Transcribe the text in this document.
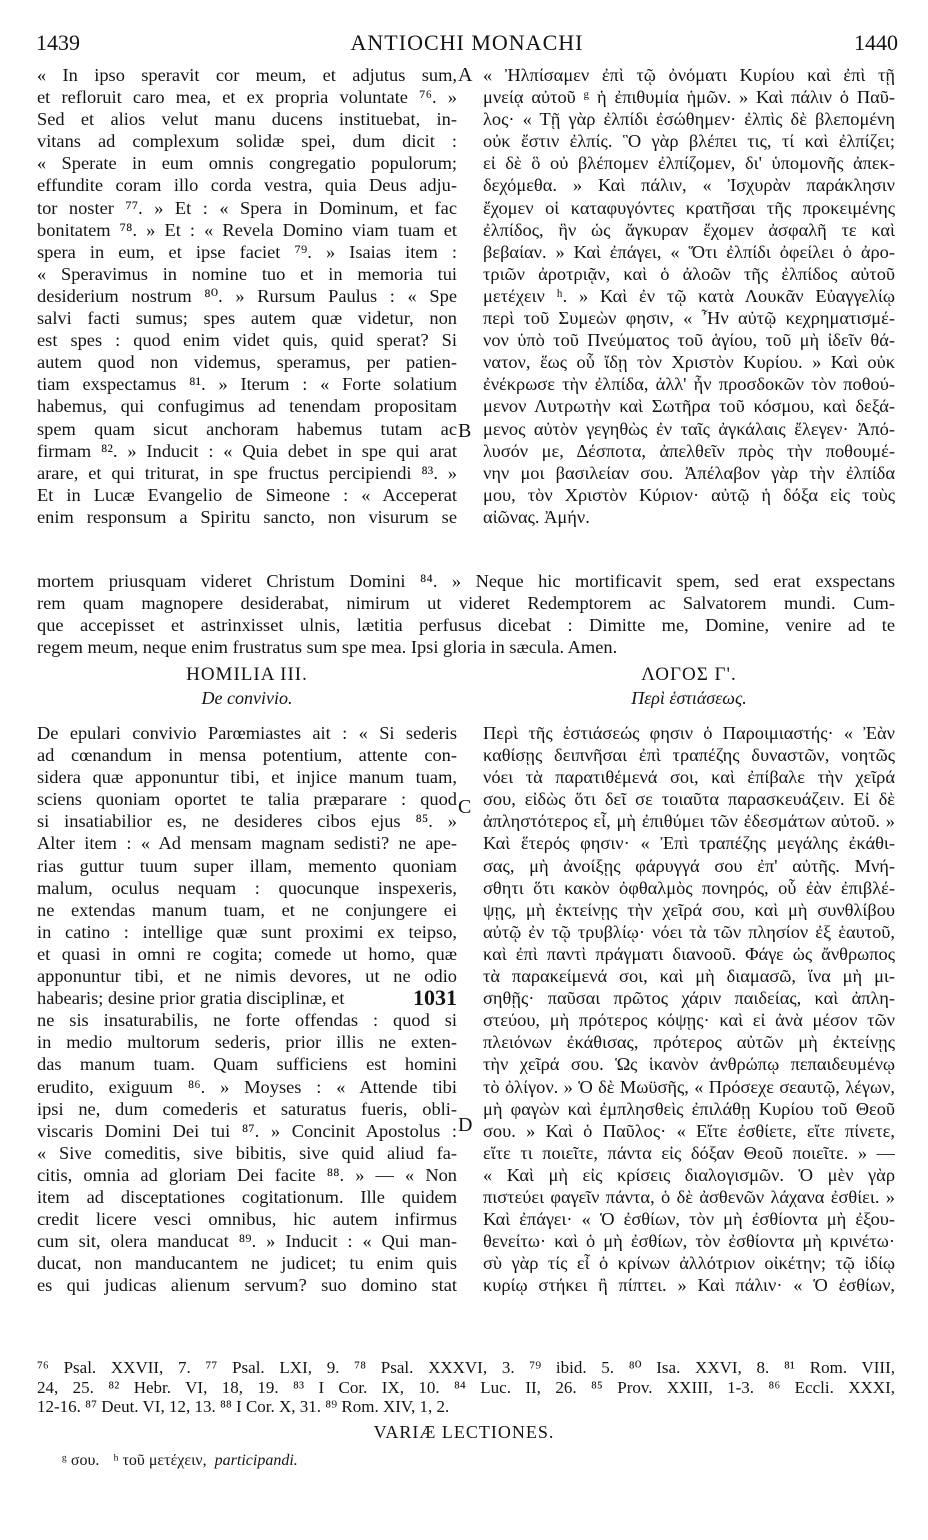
1439	ANTIOCHI MONACHI	1440
A
B
C
D
« In ipso speravit cor meum, et adjutus sum,
et refloruit caro mea, et ex propria voluntate ⁷⁶. »
Sed et alios velut manu ducens instituebat, in-
vitans ad complexum solidæ spei, dum dicit :
« Sperate in eum omnis congregatio populorum;
effundite coram illo corda vestra, quia Deus adju-
tor noster ⁷⁷. » Et : « Spera in Dominum, et fac
bonitatem ⁷⁸. » Et : « Revela Domino viam tuam et
spera in eum, et ipse faciet ⁷⁹. » Isaias item :
« Speravimus in nomine tuo et in memoria tui
desiderium nostrum ⁸⁰. » Rursum Paulus : « Spe
salvi facti sumus; spes autem quæ videtur, non
est spes : quod enim videt quis, quid sperat? Si
autem quod non videmus, speramus, per patien-
tiam exspectamus ⁸¹. » Iterum : « Forte solatium
habemus, qui confugimus ad tenendam propositam
spem quam sicut anchoram habemus tutam ac
firmam ⁸². » Inducit : « Quia debet in spe qui arat
arare, et qui triturat, in spe fructus percipiendi ⁸³. »
Et in Lucæ Evangelio de Simeone : « Acceperat
enim responsum a Spiritu sancto, non visurum se
« Ἠλπίσαμεν ἐπὶ τῷ ὀνόματι Κυρίου καὶ ἐπὶ τῇ
μνείᾳ αὐτοῦ ᵍ ἡ ἐπιθυμία ἡμῶν. » Καὶ πάλιν ὁ Παῦ-
λος· « Τῇ γὰρ ἐλπίδι ἐσώθημεν· ἐλπὶς δὲ βλεπομένη
οὐκ ἔστιν ἐλπίς. Ὃ γὰρ βλέπει τις, τί καὶ ἐλπίζει;
εἰ δὲ ὃ οὐ βλέπομεν ἐλπίζομεν, δι' ὑπομονῆς ἀπεκ-
δεχόμεθα. » Καὶ πάλιν, « Ἰσχυρὰν παράκλησιν
ἔχομεν οἱ καταφυγόντες κρατῆσαι τῆς προκειμένης
ἐλπίδος, ἣν ὡς ἄγκυραν ἔχομεν ἀσφαλῆ τε καὶ
βεβαίαν. » Καὶ ἐπάγει, « Ὅτι ἐλπίδι ὀφείλει ὁ ἀρο-
τριῶν ἀροτριᾷν, καὶ ὁ ἀλοῶν τῆς ἐλπίδος αὐτοῦ
μετέχειν ʰ. » Καὶ ἐν τῷ κατὰ Λουκᾶν Εὐαγγελίῳ
περὶ τοῦ Συμεὼν φησιν, « Ἦν αὐτῷ κεχρηματισμέ-
νον ὑπὸ τοῦ Πνεύματος τοῦ ἁγίου, τοῦ μὴ ἰδεῖν θά-
νατον, ἕως οὗ ἴδῃ τὸν Χριστὸν Κυρίου. » Καὶ οὐκ
ἐνέκρωσε τὴν ἐλπίδα, ἀλλ' ἦν προσδοκῶν τὸν ποθού-
μενον Λυτρωτὴν καὶ Σωτῆρα τοῦ κόσμου, καὶ δεξά-
μενος αὐτὸν γεγηθὼς ἐν ταῖς ἀγκάλαις ἔλεγεν· Ἀπό-
λυσόν με, Δέσποτα, ἀπελθεῖν πρὸς τὴν ποθουμέ-
νην μοι βασιλείαν σου. Ἀπέλαβον γὰρ τὴν ἐλπίδα
μου, τὸν Χριστὸν Κύριον· αὐτῷ ἡ δόξα εἰς τοὺς
αἰῶνας. Ἀμήν.
mortem priusquam videret Christum Domini ⁸⁴. » Neque hic mortificavit spem, sed erat exspectans
rem quam magnopere desiderabat, nimirum ut videret Redemptorem ac Salvatorem mundi. Cum-
que accepisset et astrinxisset ulnis, lætitia perfusus dicebat : Dimitte me, Domine, venire ad te
regem meum, neque enim frustratus sum spe mea. Ipsi gloria in sæcula. Amen.
HOMILIA III.
De convivio.
ΛΟΓΟΣ Γ'.
Περὶ ἑστιάσεως.
De epulari convivio Parœmiastes ait : « Si sederis
ad cœnandum in mensa potentium, attente con-
sidera quæ apponuntur tibi, et injice manum tuam,
sciens quoniam oportet te talia præparare : quod
si insatiabilior es, ne desideres cibos ejus ⁸⁵. »
Alter item : « Ad mensam magnam sedisti? ne ape-
rias guttur tuum super illam, memento quoniam
malum, oculus nequam : quocunque inspexeris,
ne extendas manum tuam, et ne conjungere ei
in catino : intellige quæ sunt proximi ex teipso,
et quasi in omni re cogita; comede ut homo, quæ
apponuntur tibi, et ne nimis devores, ut ne odio
habearis; desine prior gratia disciplinæ, et	1031
ne sis insaturabilis, ne forte offendas : quod si
in medio multorum sederis, prior illis ne exten-
das manum tuam. Quam sufficiens est homini
erudito, exiguum ⁸⁶. » Moyses : « Attende tibi
ipsi ne, dum comederis et saturatus fueris, obli-
viscaris Domini Dei tui ⁸⁷. » Concinit Apostolus :
« Sive comeditis, sive bibitis, sive quid aliud fa-
citis, omnia ad gloriam Dei facite ⁸⁸. » — « Non
item ad disceptationes cogitationum. Ille quidem
credit licere vesci omnibus, hic autem infirmus
cum sit, olera manducat ⁸⁹. » Inducit : « Qui man-
ducat, non manducantem ne judicet; tu enim quis
es qui judicas alienum servum? suo domino stat
Περὶ τῆς ἑστιάσεώς φησιν ὁ Παροιμιαστής· « Ἐὰν
καθίσῃς δειπνῆσαι ἐπὶ τραπέζης δυναστῶν, νοητῶς
νόει τὰ παρατιθέμενά σοι, καὶ ἐπίβαλε τὴν χεῖρά
σου, εἰδὼς ὅτι δεῖ σε τοιαῦτα παρασκευάζειν. Εἰ δὲ
ἀπληστότερος εἶ, μὴ ἐπιθύμει τῶν ἐδεσμάτων αὐτοῦ. »
Καὶ ἕτερός φησιν· « Ἐπὶ τραπέζης μεγάλης ἐκάθι-
σας, μὴ ἀνοίξῃς φάρυγγά σου ἐπ' αὐτῆς. Μνή-
σθητι ὅτι κακὸν ὀφθαλμὸς πονηρός, οὗ ἐὰν ἐπιβλέ-
ψῃς, μὴ ἐκτείνῃς τὴν χεῖρά σου, καὶ μὴ συνθλίβου
αὐτῷ ἐν τῷ τρυβλίῳ· νόει τὰ τῶν πλησίον ἐξ ἑαυτοῦ,
καὶ ἐπὶ παντὶ πράγματι διανοοῦ. Φάγε ὡς ἄνθρωπος
τὰ παρακείμενά σοι, καὶ μὴ διαμασῶ, ἵνα μὴ μι-
σηθῇς· παῦσαι πρῶτος χάριν παιδείας, καὶ ἀπλη-
στεύου, μὴ πρότερος κόψῃς· καὶ εἰ ἀνὰ μέσον τῶν
πλειόνων ἐκάθισας, πρότερος αὐτῶν μὴ ἐκτείνῃς
τὴν χεῖρά σου. Ὡς ἱκανὸν ἀνθρώπῳ πεπαιδευμένῳ
τὸ ὀλίγον. » Ὁ δὲ Μωϋσῆς, « Πρόσεχε σεαυτῷ, λέγων,
μὴ φαγὼν καὶ ἐμπλησθεὶς ἐπιλάθῃ Κυρίου τοῦ Θεοῦ
σου. » Καὶ ὁ Παῦλος· « Εἴτε ἐσθίετε, εἴτε πίνετε,
εἴτε τι ποιεῖτε, πάντα εἰς δόξαν Θεοῦ ποιεῖτε. » —
« Καὶ μὴ εἰς κρίσεις διαλογισμῶν. Ὁ μὲν γὰρ
πιστεύει φαγεῖν πάντα, ὁ δὲ ἀσθενῶν λάχανα ἐσθίει. »
Καὶ ἐπάγει· « Ὁ ἐσθίων, τὸν μὴ ἐσθίοντα μὴ ἐξου-
θενείτω· καὶ ὁ μὴ ἐσθίων, τὸν ἐσθίοντα μὴ κρινέτω·
σὺ γὰρ τίς εἶ ὁ κρίνων ἀλλότριον οἰκέτην; τῷ ἰδίῳ
κυρίῳ στήκει ἢ πίπτει. » Καὶ πάλιν· « Ὁ ἐσθίων,
⁷⁶ Psal. XXVII, 7. ⁷⁷ Psal. LXI, 9. ⁷⁸ Psal. XXXVI, 3. ⁷⁹ ibid. 5. ⁸⁰ Isa. XXVI, 8. ⁸¹ Rom. VIII,
24, 25. ⁸² Hebr. VI, 18, 19. ⁸³ I Cor. IX, 10. ⁸⁴ Luc. II, 26. ⁸⁵ Prov. XXIII, 1-3. ⁸⁶ Eccli. XXXI,
12-16. ⁸⁷ Deut. VI, 12, 13. ⁸⁸ I Cor. X, 31. ⁸⁹ Rom. XIV, 1, 2.
VARIÆ LECTIONES.
ᵍ σου. ʰ τοῦ μετέχειν, participandi.
